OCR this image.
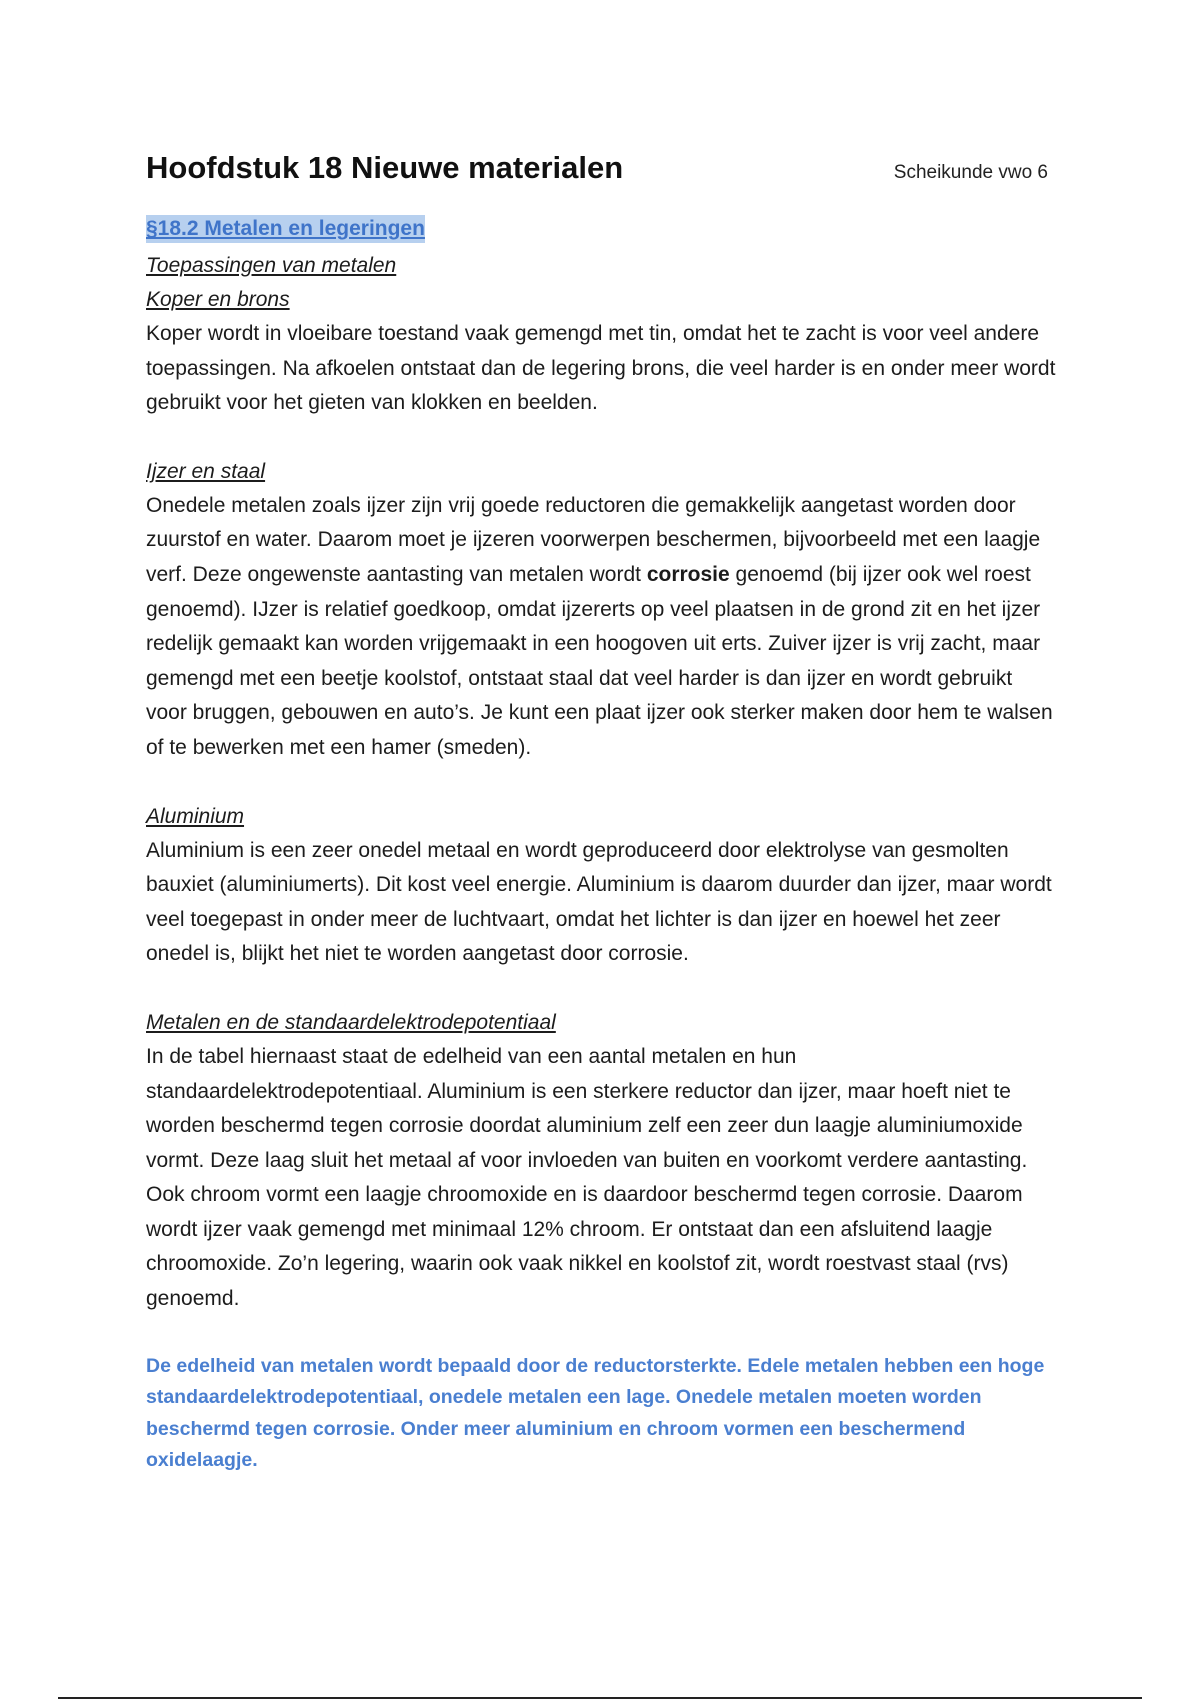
Hoofdstuk 18 Nieuwe materialen	Scheikunde vwo 6
§18.2 Metalen en legeringen
Toepassingen van metalen
Koper en brons

Koper wordt in vloeibare toestand vaak gemengd met tin, omdat het te zacht is voor veel andere toepassingen. Na afkoelen ontstaat dan de legering brons, die veel harder is en onder meer wordt gebruikt voor het gieten van klokken en beelden.

Ijzer en staal

Onedele metalen zoals ijzer zijn vrij goede reductoren die gemakkelijk aangetast worden door zuurstof en water. Daarom moet je ijzeren voorwerpen beschermen, bijvoorbeeld met een laagje verf. Deze ongewenste aantasting van metalen wordt corrosie genoemd (bij ijzer ook wel roest genoemd). IJzer is relatief goedkoop, omdat ijzererts op veel plaatsen in de grond zit en het ijzer redelijk gemaakt kan worden vrijgemaakt in een hoogoven uit erts. Zuiver ijzer is vrij zacht, maar gemengd met een beetje koolstof, ontstaat staal dat veel harder is dan ijzer en wordt gebruikt voor bruggen, gebouwen en auto’s. Je kunt een plaat ijzer ook sterker maken door hem te walsen of te bewerken met een hamer (smeden).

Aluminium

Aluminium is een zeer onedel metaal en wordt geproduceerd door elektrolyse van gesmolten bauxiet (aluminiumerts). Dit kost veel energie. Aluminium is daarom duurder dan ijzer, maar wordt veel toegepast in onder meer de luchtvaart, omdat het lichter is dan ijzer en hoewel het zeer onedel is, blijkt het niet te worden aangetast door corrosie.

Metalen en de standaardelektrodepotentiaal

In de tabel hiernaast staat de edelheid van een aantal metalen en hun standaardelektrodepotentiaal. Aluminium is een sterkere reductor dan ijzer, maar hoeft niet te worden beschermd tegen corrosie doordat aluminium zelf een zeer dun laagje aluminiumoxide vormt. Deze laag sluit het metaal af voor invloeden van buiten en voorkomt verdere aantasting. Ook chroom vormt een laagje chroomoxide en is daardoor beschermd tegen corrosie. Daarom wordt ijzer vaak gemengd met minimaal 12% chroom. Er ontstaat dan een afsluitend laagje chroomoxide. Zo’n legering, waarin ook vaak nikkel en koolstof zit, wordt roestvast staal (rvs) genoemd.

De edelheid van metalen wordt bepaald door de reductorsterkte. Edele metalen hebben een hoge standaardelektrodepotentiaal, onedele metalen een lage. Onedele metalen moeten worden beschermd tegen corrosie. Onder meer aluminium en chroom vormen een beschermend oxidelaagje.
